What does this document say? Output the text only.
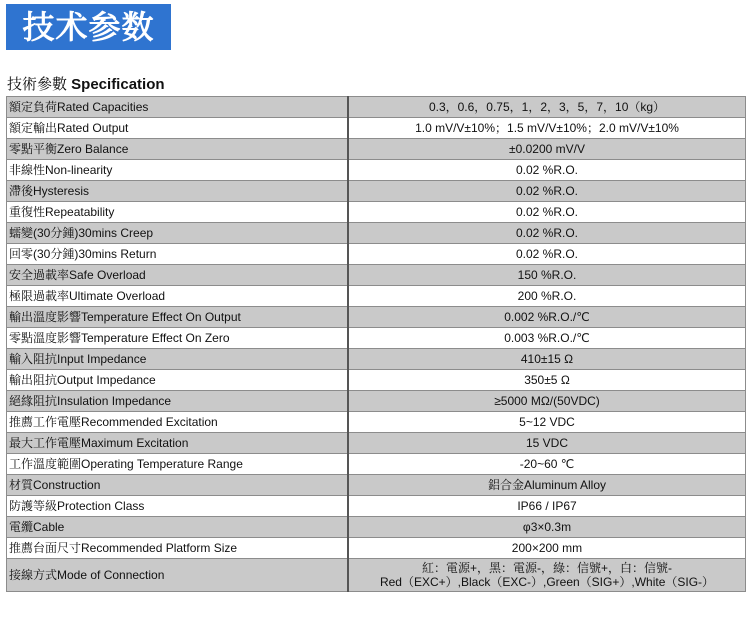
技术参数
技術參數 Specification
額定負荷Rated Capacities	0.3，0.6，0.75，1，2，3，5，7，10（kg）
額定輸出Rated Output	1.0 mV/V±10%；1.5 mV/V±10%；2.0 mV/V±10%
零點平衡Zero Balance	±0.0200 mV/V
非線性Non-linearity	0.02 %R.O.
滯後Hysteresis	0.02 %R.O.
重復性Repeatability	0.02 %R.O.
蠕變(30分鍾)30mins Creep	0.02 %R.O.
回零(30分鍾)30mins Return	0.02 %R.O.
安全過載率Safe Overload	150 %R.O.
極限過載率Ultimate Overload	200 %R.O.
輸出溫度影響Temperature Effect On Output	0.002 %R.O./℃
零點溫度影響Temperature Effect On Zero	0.003 %R.O./℃
輸入阻抗Input Impedance	410±15 Ω
輸出阻抗Output Impedance	350±5 Ω
絕緣阻抗Insulation Impedance	≥5000 MΩ/(50VDC)
推薦工作電壓Recommended Excitation	5~12 VDC
最大工作電壓Maximum Excitation	15 VDC
工作溫度範圍Operating Temperature Range	-20~60 ℃
材質Construction	鋁合金Aluminum Alloy
防護等級Protection Class	IP66 / IP67
電纜Cable	φ3×0.3m
推薦台面尺寸Recommended Platform Size	200×200 mm
接線方式Mode of Connection	紅：電源+，黑：電源-，綠：信號+，白：信號-
Red（EXC+）,Black（EXC-）,Green（SIG+）,White（SIG-）
